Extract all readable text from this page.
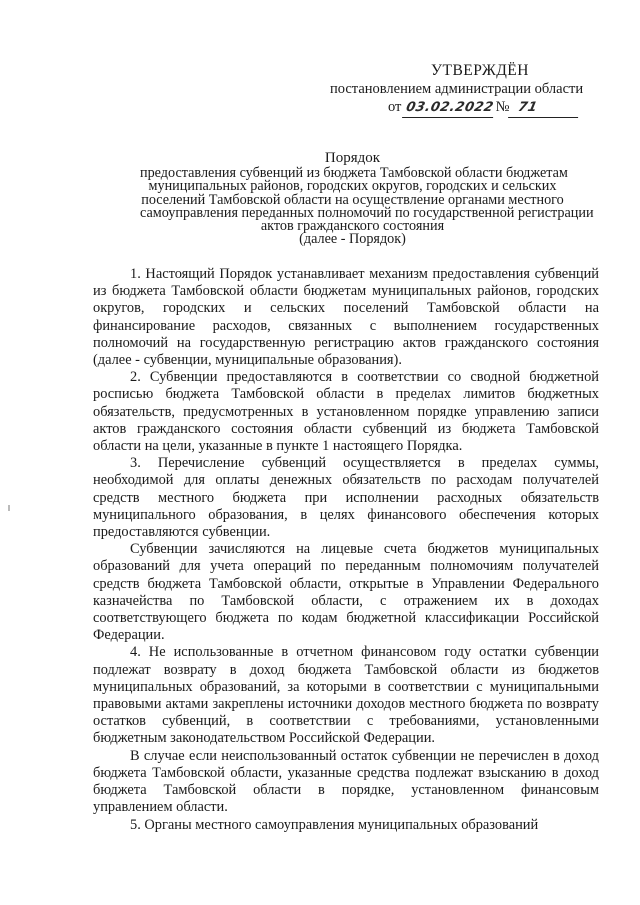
УТВЕРЖДЁН
постановлением администрации области
от 03.02.2022 № 71
Порядок
предоставления субвенций из бюджета Тамбовской области бюджетам
муниципальных районов, городских округов, городских и сельских
поселений Тамбовской области на осуществление органами местного
самоуправления переданных полномочий по государственной регистрации
актов гражданского состояния
(далее - Порядок)

1. Настоящий Порядок устанавливает механизм предоставления субвенций из бюджета Тамбовской области бюджетам муниципальных районов, городских округов, городских и сельских поселений Тамбовской области на финансирование расходов, связанных с выполнением государственных полномочий на государственную регистрацию актов гражданского состояния (далее - субвенции, муниципальные образования).

2. Субвенции предоставляются в соответствии со сводной бюджетной росписью бюджета Тамбовской области в пределах лимитов бюджетных обязательств, предусмотренных в установленном порядке управлению записи актов гражданского состояния области субвенций из бюджета Тамбовской области на цели, указанные в пункте 1 настоящего Порядка.

3. Перечисление субвенций осуществляется в пределах суммы, необходимой для оплаты денежных обязательств по расходам получателей средств местного бюджета при исполнении расходных обязательств муниципального образования, в целях финансового обеспечения которых предоставляются субвенции.

Субвенции зачисляются на лицевые счета бюджетов муниципальных образований для учета операций по переданным полномочиям получателей средств бюджета Тамбовской области, открытые в Управлении Федерального казначейства по Тамбовской области, с отражением их в доходах соответствующего бюджета по кодам бюджетной классификации Российской Федерации.

4. Не использованные в отчетном финансовом году остатки субвенции подлежат возврату в доход бюджета Тамбовской области из бюджетов муниципальных образований, за которыми в соответствии с муниципальными правовыми актами закреплены источники доходов местного бюджета по возврату остатков субвенций, в соответствии с требованиями, установленными бюджетным законодательством Российской Федерации.

В случае если неиспользованный остаток субвенции не перечислен в доход бюджета Тамбовской области, указанные средства подлежат взысканию в доход бюджета Тамбовской области в порядке, установленном финансовым управлением области.

5. Органы местного самоуправления муниципальных образований
